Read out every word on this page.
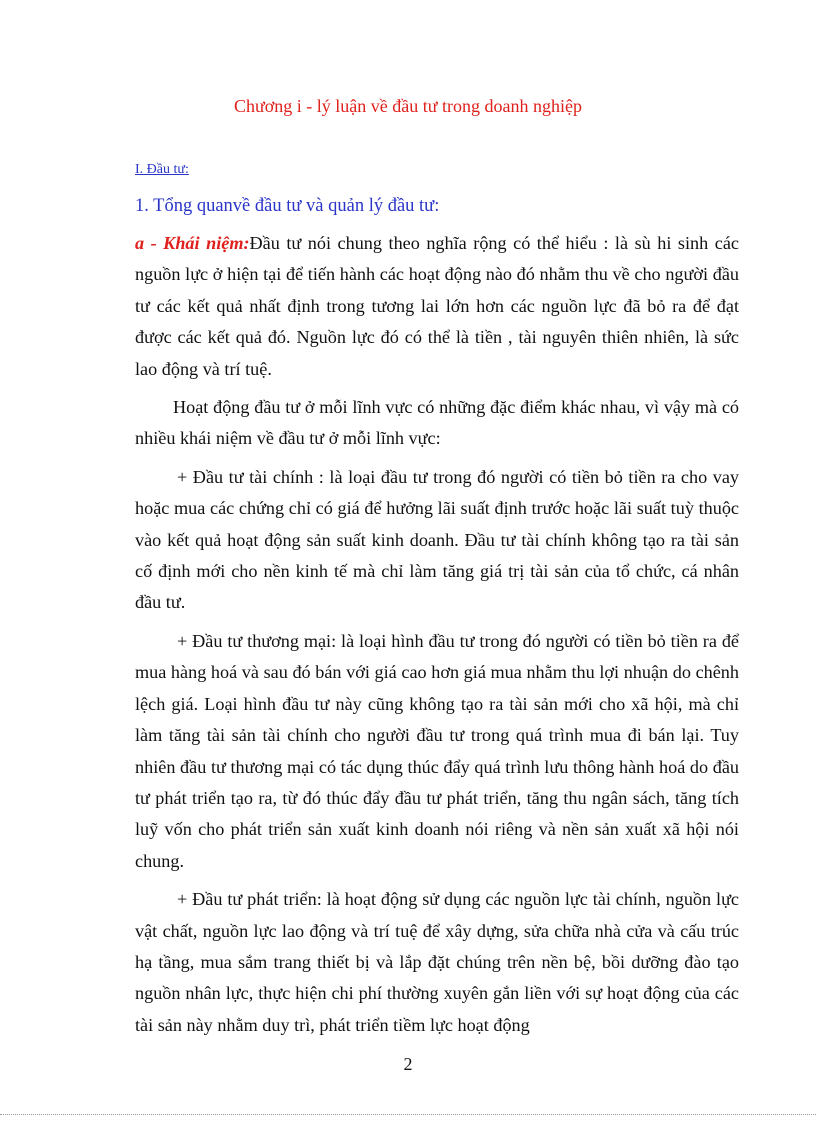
Chương i - lý luận về đầu tư trong doanh nghiệp
I. Đầu tư:
1. Tổng quanvề đầu tư và quản lý đầu tư:

a - Khái niệm:Đầu tư nói chung theo nghĩa rộng có thể hiểu : là sù hi sinh các nguồn lực ở hiện tại để tiến hành các hoạt động nào đó nhằm thu về cho người đầu tư các kết quả nhất định trong tương lai lớn hơn các nguồn lực đã bỏ ra để đạt được các kết quả đó. Nguồn lực đó có thể là tiền , tài nguyên thiên nhiên, là sức lao động và trí tuệ.

Hoạt động đầu tư ở mỗi lĩnh vực có những đặc điểm khác nhau, vì vậy mà có nhiều khái niệm về đầu tư ở mỗi lĩnh vực:

+ Đầu tư tài chính : là loại đầu tư trong đó người có tiền bỏ tiền ra cho vay hoặc mua các chứng chỉ có giá để hưởng lãi suất định trước hoặc lãi suất tuỳ thuộc vào kết quả hoạt động sản suất kinh doanh. Đầu tư tài chính không tạo ra tài sản cố định mới cho nền kinh tế mà chỉ làm tăng giá trị tài sản của tổ chức, cá nhân đầu tư.

+ Đầu tư thương mại: là loại hình đầu tư trong đó người có tiền bỏ tiền ra để mua hàng hoá và sau đó bán với giá cao hơn giá mua nhằm thu lợi nhuận do chênh lệch giá. Loại hình đầu tư này cũng không tạo ra tài sản mới cho xã hội, mà chỉ làm tăng tài sản tài chính cho người đầu tư trong quá trình mua đi bán lại. Tuy nhiên đầu tư thương mại có tác dụng thúc đẩy quá trình lưu thông hành hoá do đầu tư phát triển tạo ra, từ đó thúc đẩy đầu tư phát triển, tăng thu ngân sách, tăng tích luỹ vốn cho phát triển sản xuất kinh doanh nói riêng và nền sản xuất xã hội nói chung.

+ Đầu tư phát triển: là hoạt động sử dụng các nguồn lực tài chính, nguồn lực vật chất, nguồn lực lao động và trí tuệ để xây dựng, sửa chữa nhà cửa và cấu trúc hạ tầng, mua sắm trang thiết bị và lắp đặt chúng trên nền bệ, bồi dưỡng đào tạo nguồn nhân lực, thực hiện chi phí thường xuyên gắn liền với sự hoạt động của các tài sản này nhằm duy trì, phát triển tiềm lực hoạt động

2
